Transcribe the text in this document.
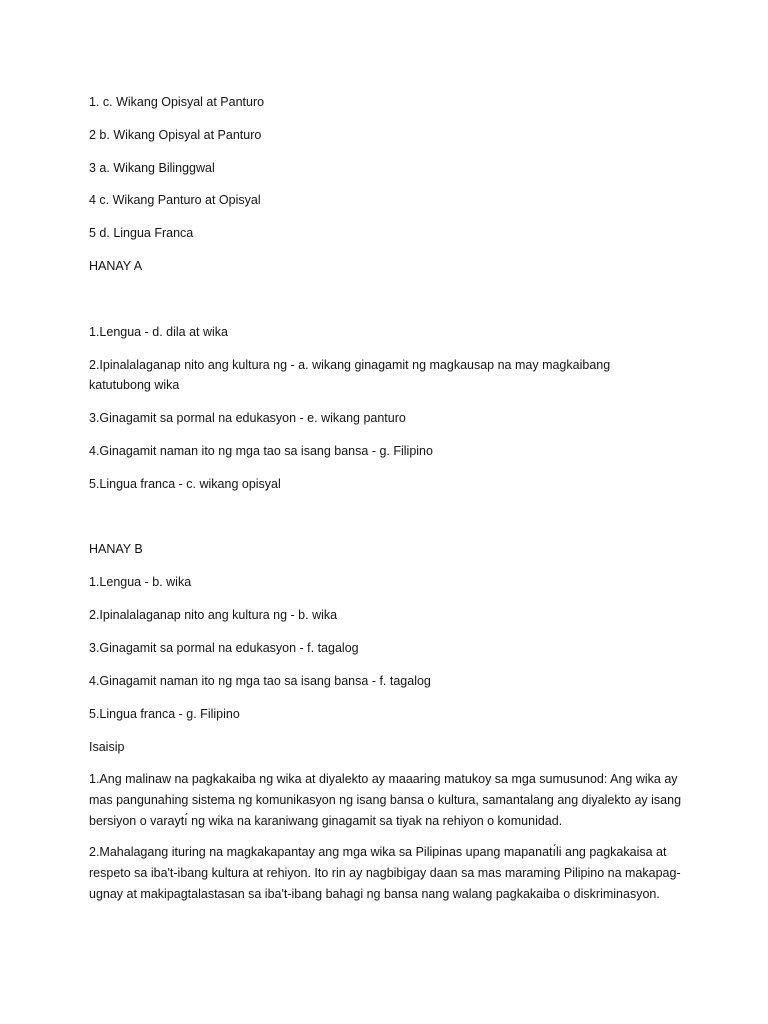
1. c. Wikang Opisyal at Panturo
2 b. Wikang Opisyal at Panturo
3 a. Wikang Bilinggwal
4 c. Wikang Panturo at Opisyal
5 d. Lingua Franca
HANAY A
1.Lengua - d. dila at wika
2.Ipinalalaganap nito ang kultura ng - a. wikang ginagamit ng magkausap na may magkaibang
katutubong wika
3.Ginagamit sa pormal na edukasyon - e. wikang panturo
4.Ginagamit naman ito ng mga tao sa isang bansa - g. Filipino
5.Lingua franca - c. wikang opisyal
HANAY B
1.Lengua - b. wika
2.Ipinalalaganap nito ang kultura ng - b. wika
3.Ginagamit sa pormal na edukasyon - f. tagalog
4.Ginagamit naman ito ng mga tao sa isang bansa - f. tagalog
5.Lingua franca - g. Filipino
Isaisip
1.Ang malinaw na pagkakaiba ng wika at diyalekto ay maaaring matukoy sa mga sumusunod: Ang wika ay mas pangunahing sistema ng komunikasyon ng isang bansa o kultura, samantalang ang diyalekto ay isang bersiyon o varaytı́ ng wika na karaniwang ginagamit sa tiyak na rehiyon o komunidad.
2.Mahalagang ituring na magkakapantay ang mga wika sa Pilipinas upang mapanatı́li ang pagkakaisa at respeto sa iba't-ibang kultura at rehiyon. Ito rin ay nagbibigay daan sa mas maraming Pilipino na makapag-ugnay at makipagtalastasan sa iba't-ibang bahagi ng bansa nang walang pagkakaiba o diskriminasyon.
